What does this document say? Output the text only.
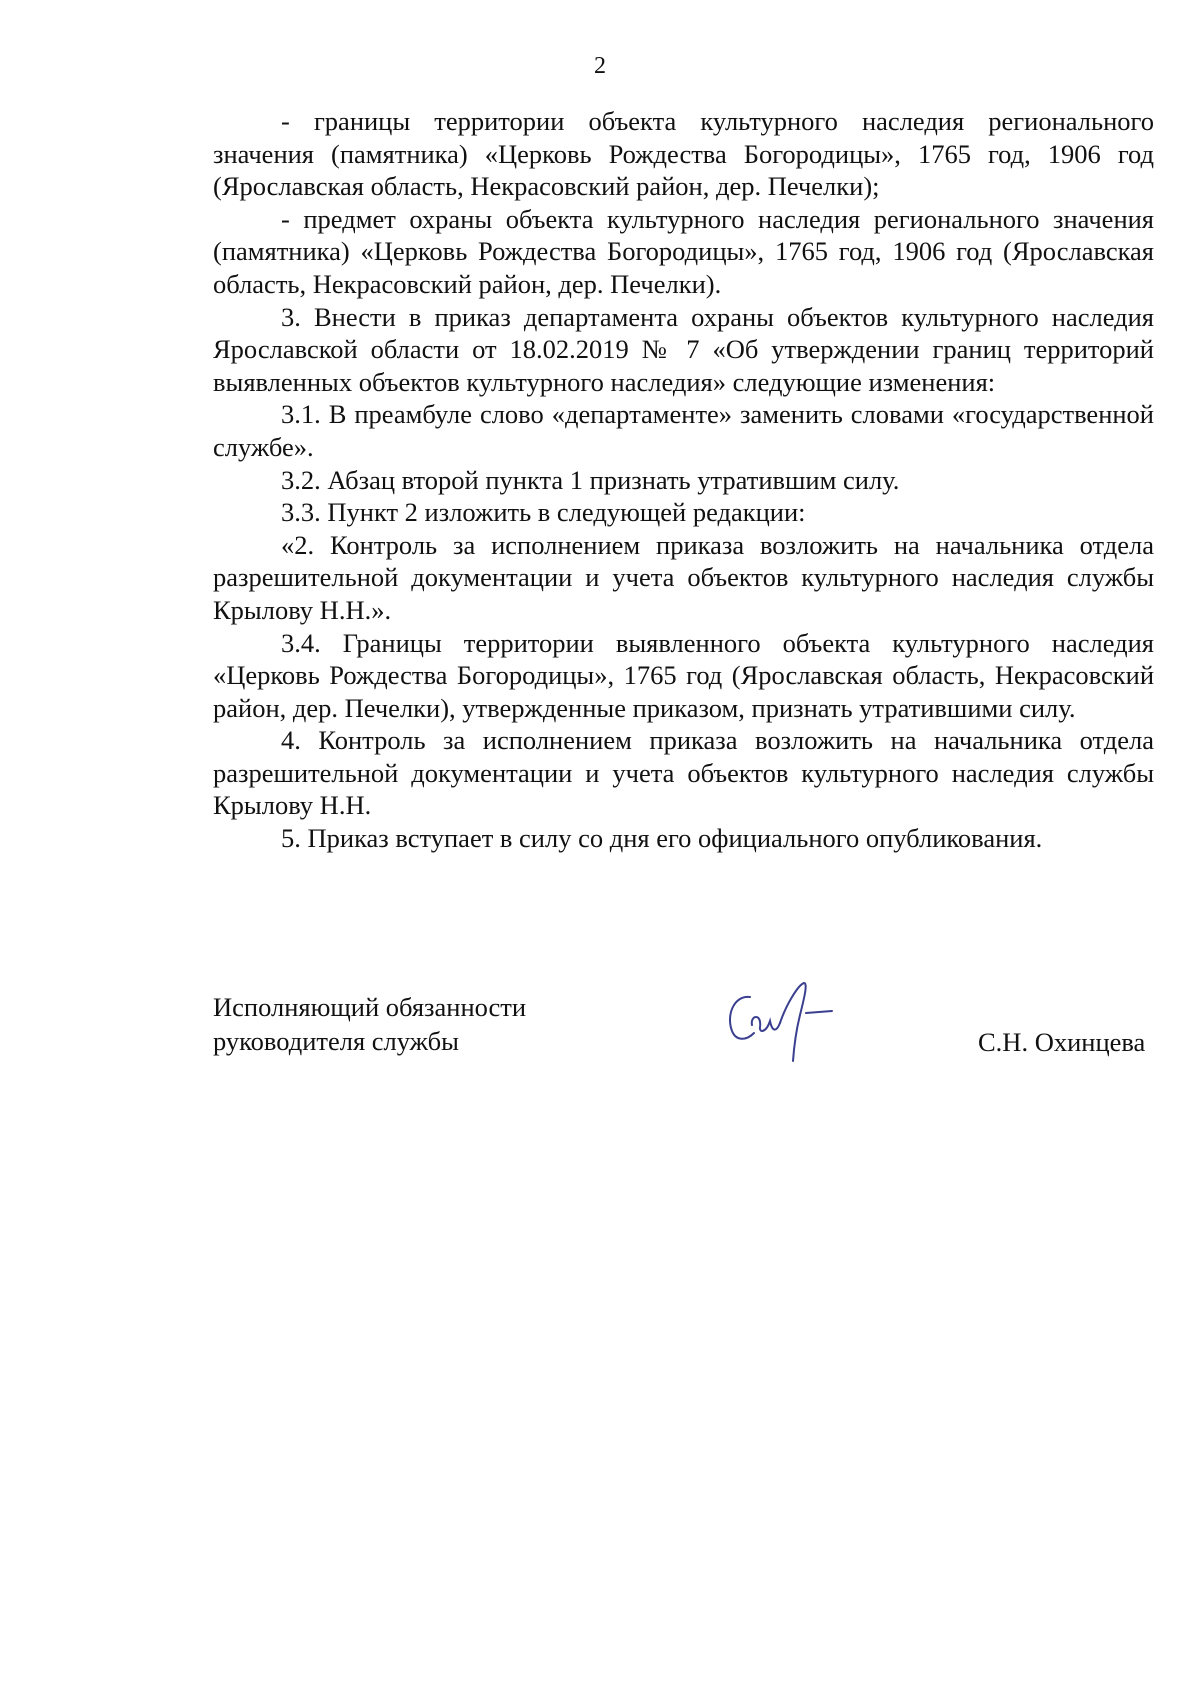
2

- границы территории объекта культурного наследия регионального значения (памятника) «Церковь Рождества Богородицы», 1765 год, 1906 год (Ярославская область, Некрасовский район, дер. Печелки);

- предмет охраны объекта культурного наследия регионального значения (памятника) «Церковь Рождества Богородицы», 1765 год, 1906 год (Ярославская область, Некрасовский район, дер. Печелки).

3. Внести в приказ департамента охраны объектов культурного наследия Ярославской области от 18.02.2019 № 7 «Об утверждении границ территорий выявленных объектов культурного наследия» следующие изменения:

3.1. В преамбуле слово «департаменте» заменить словами «государственной службе».

3.2. Абзац второй пункта 1 признать утратившим силу.

3.3. Пункт 2 изложить в следующей редакции:

«2. Контроль за исполнением приказа возложить на начальника отдела разрешительной документации и учета объектов культурного наследия службы Крылову Н.Н.».

3.4. Границы территории выявленного объекта культурного наследия «Церковь Рождества Богородицы», 1765 год (Ярославская область, Некрасовский район, дер. Печелки), утвержденные приказом, признать утратившими силу.

4. Контроль за исполнением приказа возложить на начальника отдела разрешительной документации и учета объектов культурного наследия службы Крылову Н.Н.

5. Приказ вступает в силу со дня его официального опубликования.

Исполняющий обязанности
руководителя службы	С.Н. Охинцева
